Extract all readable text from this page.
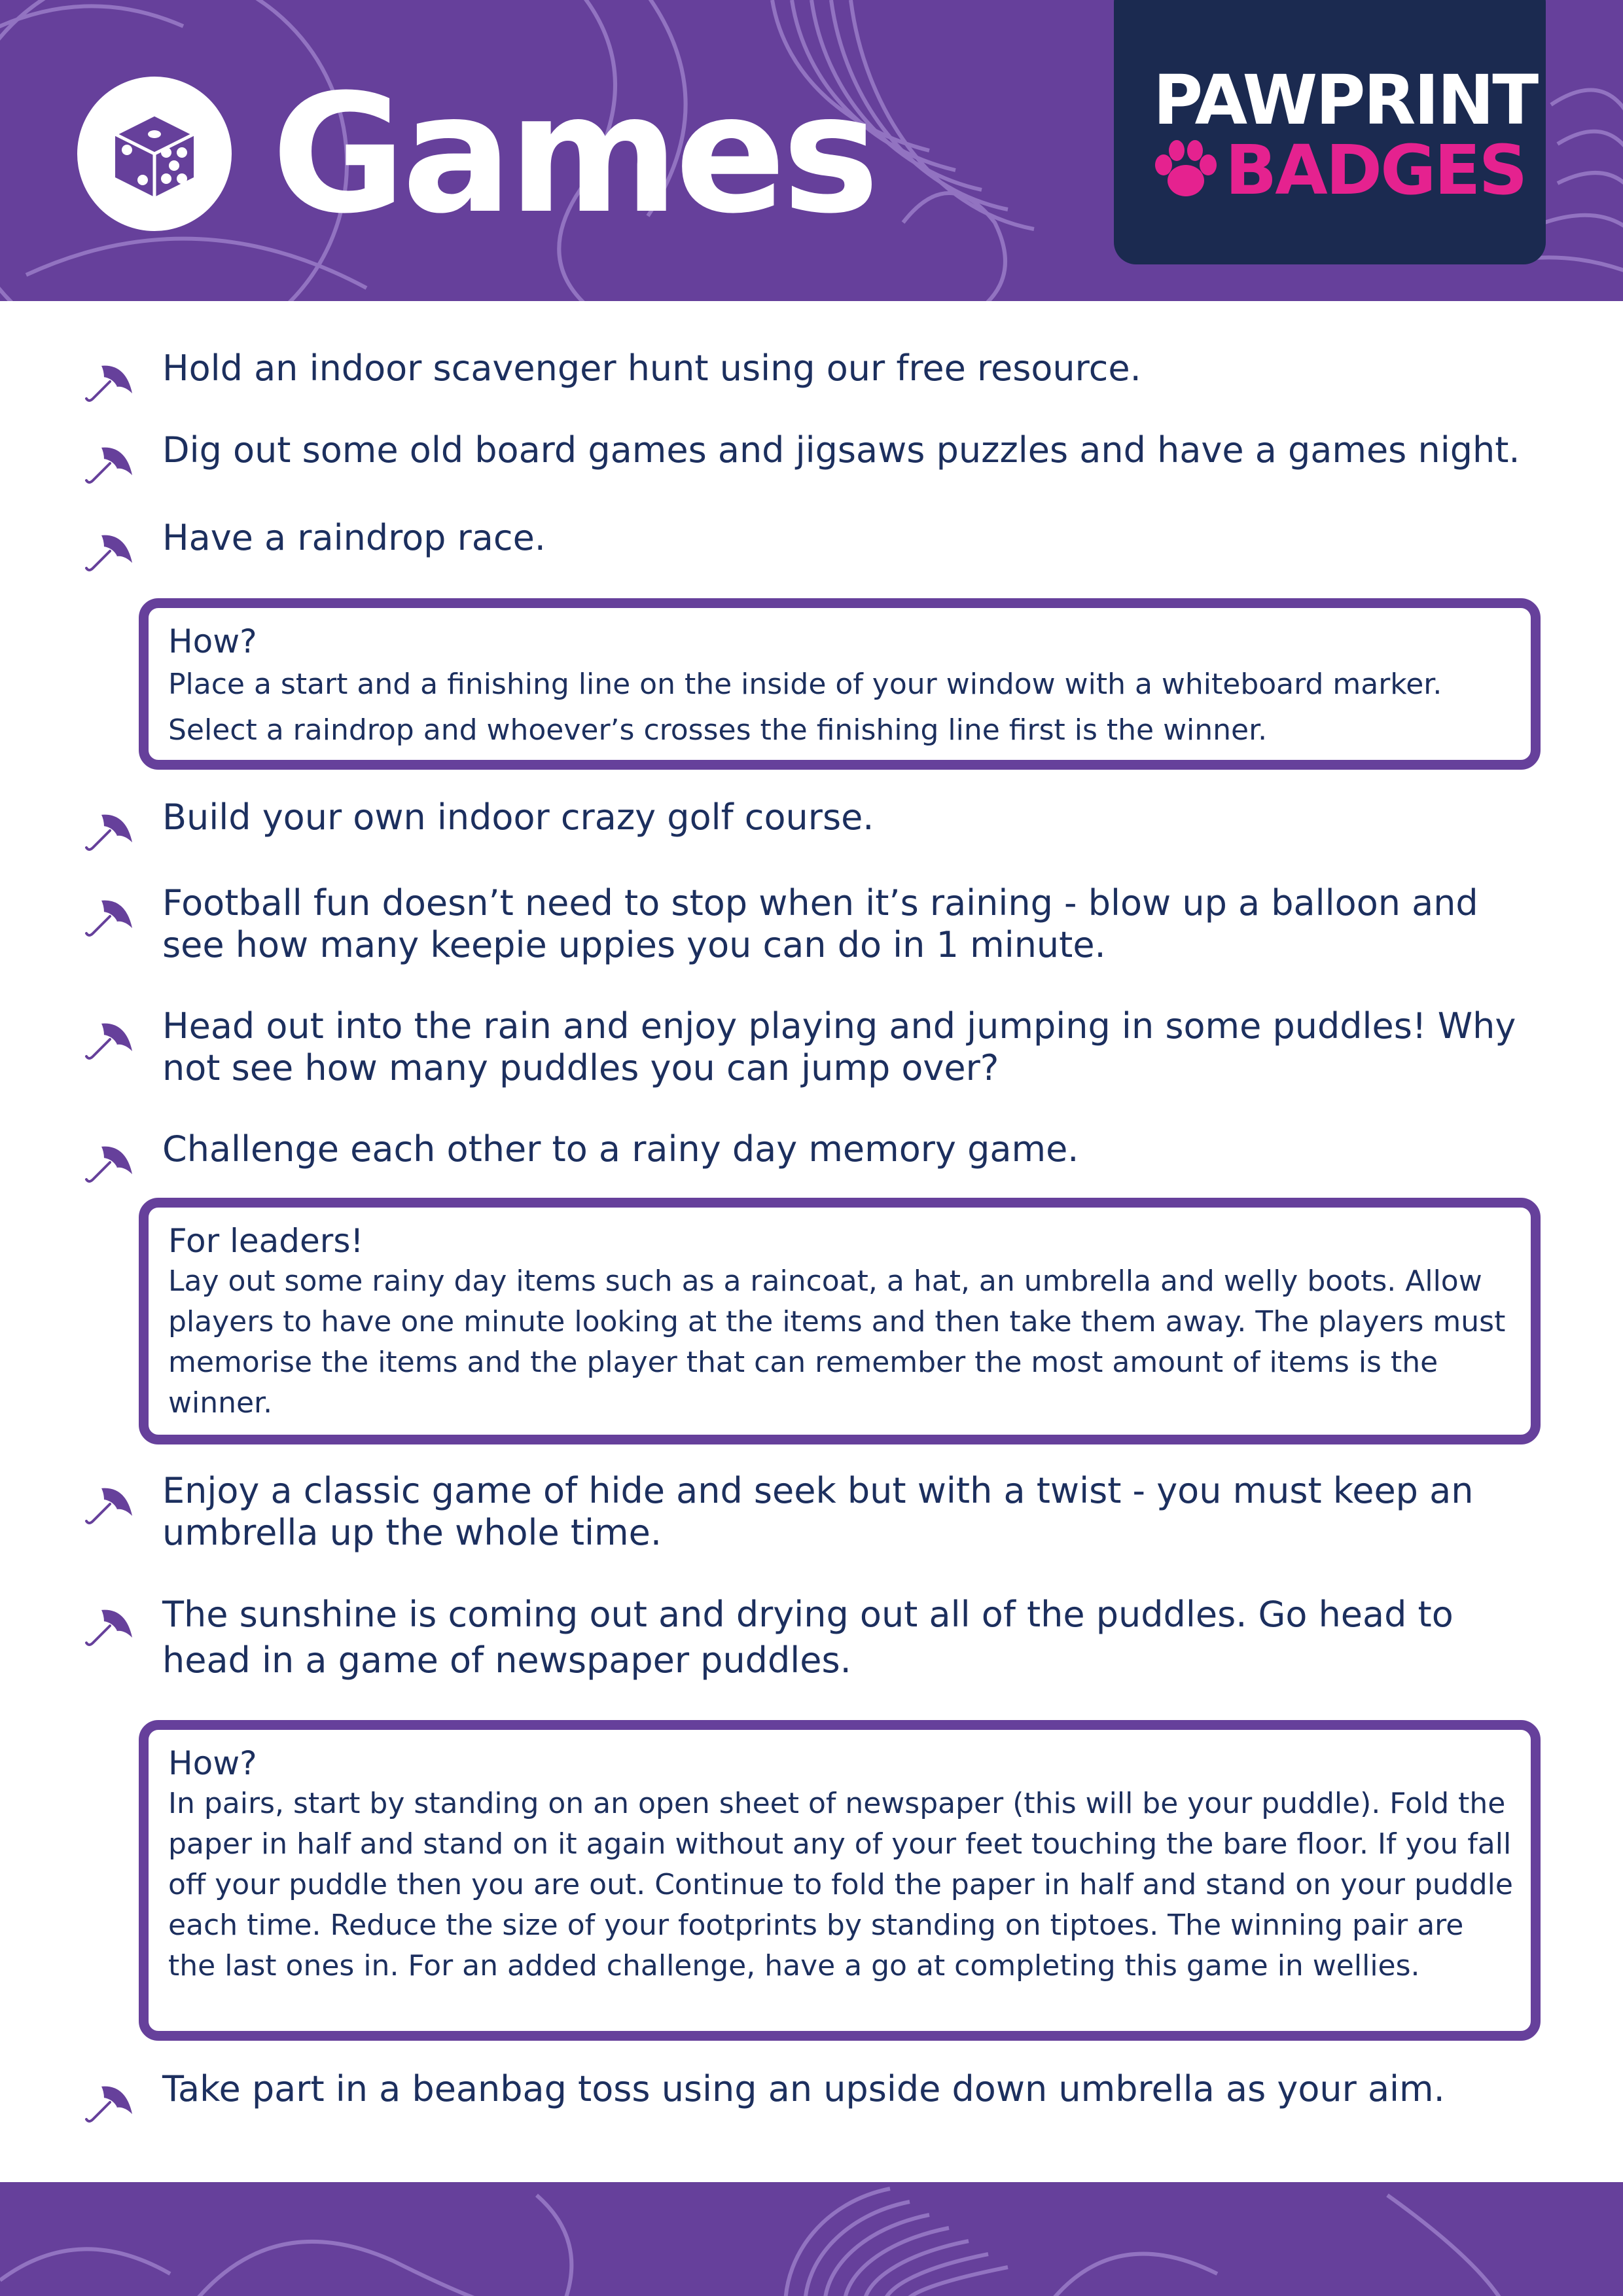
Games	PAWPRINT
BADGES
Hold an indoor scavenger hunt using our free resource.
Dig out some old board games and jigsaws puzzles and have a games night.
Have a raindrop race.
How?
Place a start and a finishing line on the inside of your window with a whiteboard marker.
Select a raindrop and whoever’s crosses the finishing line first is the winner.
Build your own indoor crazy golf course.
Football fun doesn’t need to stop when it’s raining - blow up a balloon and see how many keepie uppies you can do in 1 minute.
Head out into the rain and enjoy playing and jumping in some puddles! Why not see how many puddles you can jump over?
Challenge each other to a rainy day memory game.
For leaders!
Lay out some rainy day items such as a raincoat, a hat, an umbrella and welly boots. Allow players to have one minute looking at the items and then take them away. The players must memorise the items and the player that can remember the most amount of items is the winner.
Enjoy a classic game of hide and seek but with a twist - you must keep an umbrella up the whole time.
The sunshine is coming out and drying out all of the puddles. Go head to head in a game of newspaper puddles.
How?
In pairs, start by standing on an open sheet of newspaper (this will be your puddle). Fold the paper in half and stand on it again without any of your feet touching the bare floor. If you fall off your puddle then you are out. Continue to fold the paper in half and stand on your puddle each time. Reduce the size of your footprints by standing on tiptoes. The winning pair are the last ones in. For an added challenge, have a go at completing this game in wellies.
Take part in a beanbag toss using an upside down umbrella as your aim.
